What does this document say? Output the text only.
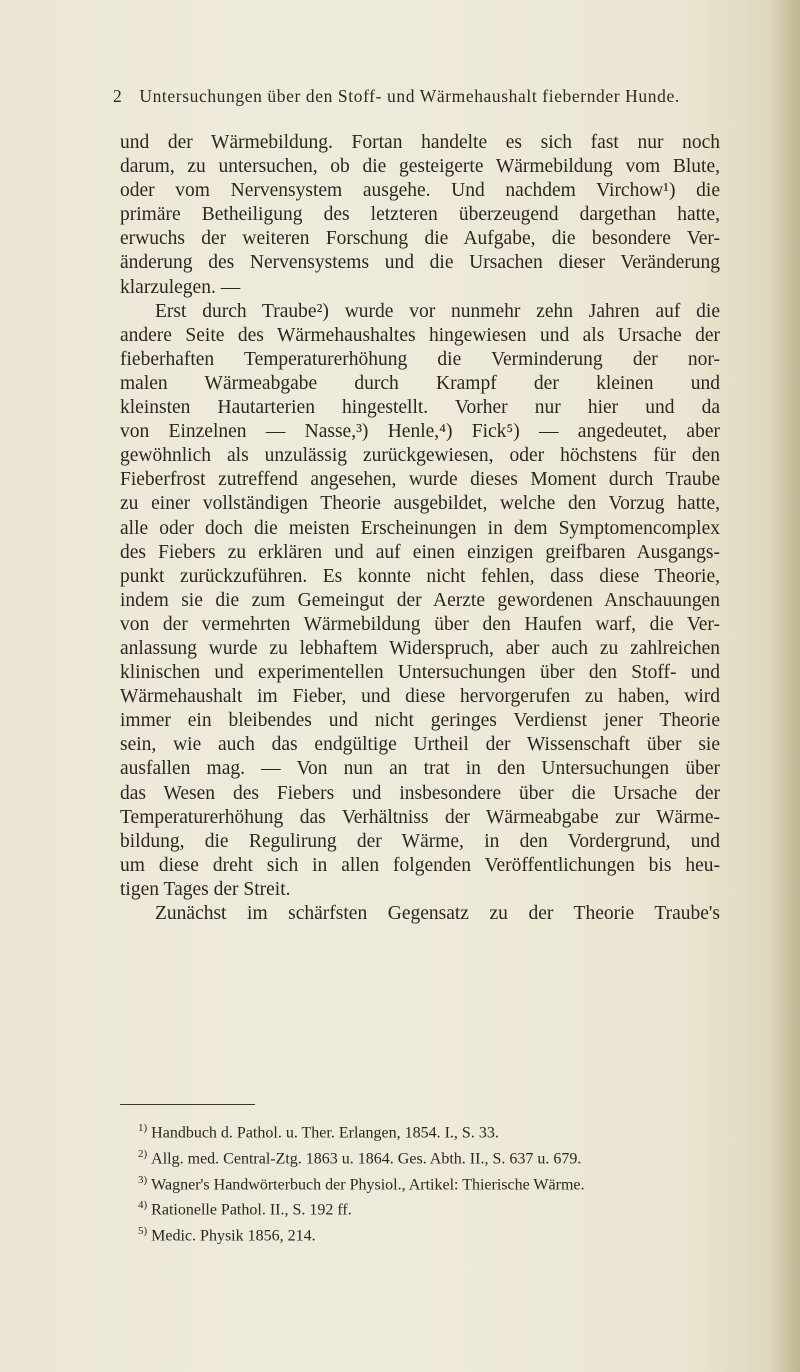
2 Untersuchungen über den Stoff- und Wärmehaushalt fiebernder Hunde.
und der Wärmebildung. Fortan handelte es sich fast nur noch
darum, zu untersuchen, ob die gesteigerte Wärmebildung vom Blute,
oder vom Nervensystem ausgehe. Und nachdem Virchow¹) die
primäre Betheiligung des letzteren überzeugend dargethan hatte,
erwuchs der weiteren Forschung die Aufgabe, die besondere Ver-
änderung des Nervensystems und die Ursachen dieser Veränderung
klarzulegen. —
Erst durch Traube²) wurde vor nunmehr zehn Jahren auf die
andere Seite des Wärmehaushaltes hingewiesen und als Ursache der
fieberhaften Temperaturerhöhung die Verminderung der nor-
malen Wärmeabgabe durch Krampf der kleinen und
kleinsten Hautarterien hingestellt. Vorher nur hier und da
von Einzelnen — Nasse,³) Henle,⁴) Fick⁵) — angedeutet, aber
gewöhnlich als unzulässig zurückgewiesen, oder höchstens für den
Fieberfrost zutreffend angesehen, wurde dieses Moment durch Traube
zu einer vollständigen Theorie ausgebildet, welche den Vorzug hatte,
alle oder doch die meisten Erscheinungen in dem Symptomencomplex
des Fiebers zu erklären und auf einen einzigen greifbaren Ausgangs-
punkt zurückzuführen. Es konnte nicht fehlen, dass diese Theorie,
indem sie die zum Gemeingut der Aerzte gewordenen Anschauungen
von der vermehrten Wärmebildung über den Haufen warf, die Ver-
anlassung wurde zu lebhaftem Widerspruch, aber auch zu zahlreichen
klinischen und experimentellen Untersuchungen über den Stoff- und
Wärmehaushalt im Fieber, und diese hervorgerufen zu haben, wird
immer ein bleibendes und nicht geringes Verdienst jener Theorie
sein, wie auch das endgültige Urtheil der Wissenschaft über sie
ausfallen mag. — Von nun an trat in den Untersuchungen über
das Wesen des Fiebers und insbesondere über die Ursache der
Temperaturerhöhung das Verhältniss der Wärmeabgabe zur Wärme-
bildung, die Regulirung der Wärme, in den Vordergrund, und
um diese dreht sich in allen folgenden Veröffentlichungen bis heu-
tigen Tages der Streit.
Zunächst im schärfsten Gegensatz zu der Theorie Traube's
$^{1)}$ Handbuch d. Pathol. u. Ther. Erlangen, 1854. I., S. 33.
$^{2)}$ Allg. med. Central-Ztg. 1863 u. 1864. Ges. Abth. II., S. 637 u. 679.
$^{3)}$ Wagner's Handwörterbuch der Physiol., Artikel: Thierische Wärme.
$^{4)}$ Rationelle Pathol. II., S. 192 ff.
$^{5)}$ Medic. Physik 1856, 214.
